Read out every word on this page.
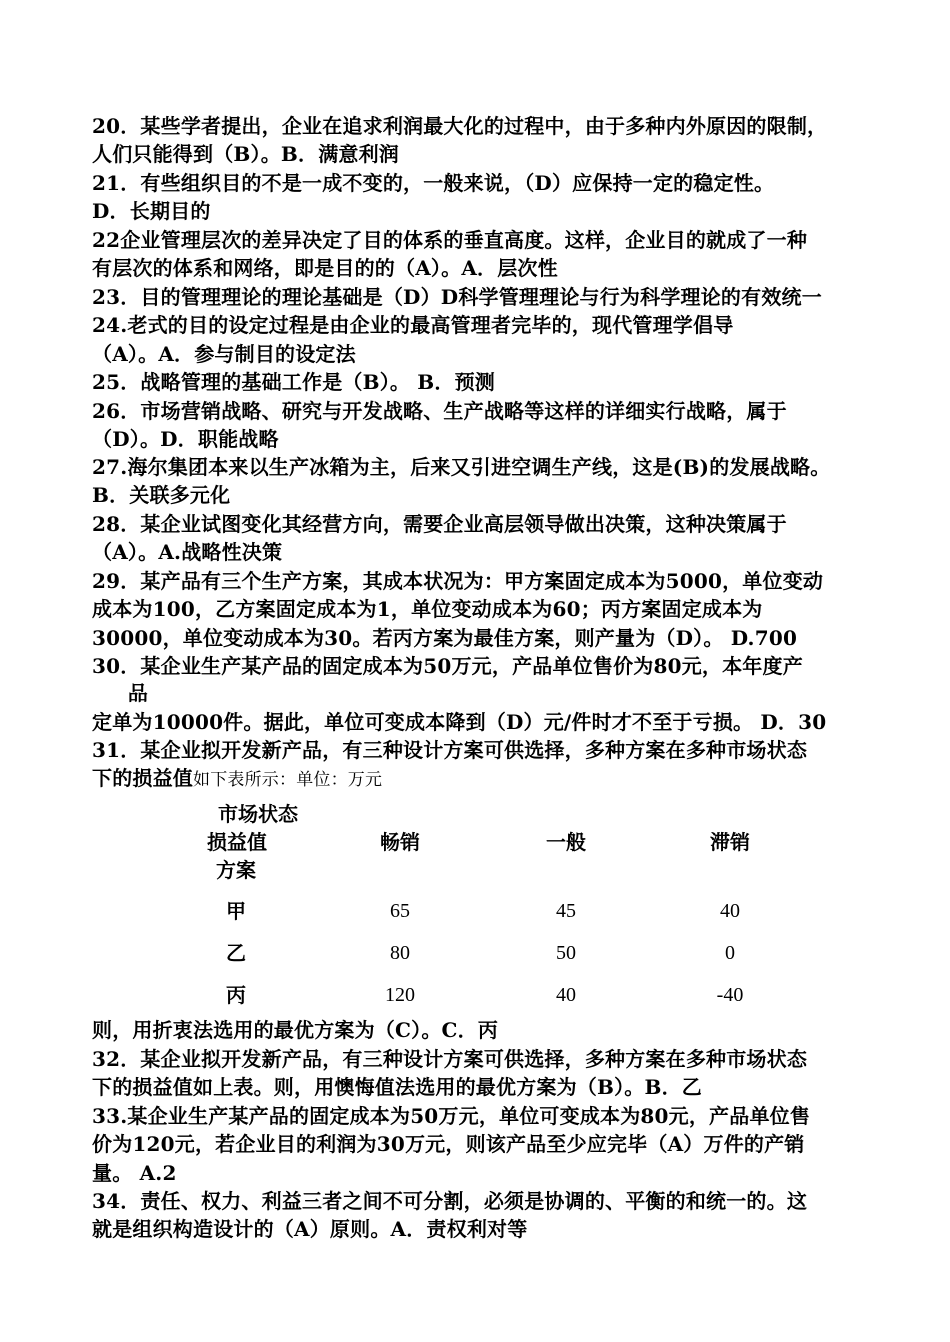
20．某些学者提出，企业在追求利润最大化的过程中，由于多种内外原因的限制，
人们只能得到（B）。B．满意利润
21．有些组织目的不是一成不变的，一般来说，（D）应保持一定的稳定性。
D．长期目的
22企业管理层次的差异决定了目的体系的垂直高度。这样，企业目的就成了一种
有层次的体系和网络，即是目的的（A）。A．层次性
23．目的管理理论的理论基础是（D）D科学管理理论与行为科学理论的有效统一
24.老式的目的设定过程是由企业的最高管理者完毕的，现代管理学倡导
（A）。A．参与制目的设定法
25．战略管理的基础工作是（B）。 B．预测
26．市场营销战略、研究与开发战略、生产战略等这样的详细实行战略，属于
（D）。D．职能战略
27.海尔集团本来以生产冰箱为主，后来又引进空调生产线，这是(B)的发展战略。
B．关联多元化
28．某企业试图变化其经营方向，需要企业高层领导做出决策，这种决策属于
（A）。A.战略性决策
29．某产品有三个生产方案，其成本状况为：甲方案固定成本为5000，单位变动
成本为100，乙方案固定成本为1，单位变动成本为60；丙方案固定成本为
30000，单位变动成本为30。若丙方案为最佳方案，则产量为（D）。 D.700
30．某企业生产某产品的固定成本为50万元，产品单位售价为80元，本年度产
品
定单为10000件。据此，单位可变成本降到（D）元/件时才不至于亏损。 D．30
31．某企业拟开发新产品，有三种设计方案可供选择，多种方案在多种市场状态
下的损益值如下表所示：单位：万元
市场状态
损益值
方案
畅销	一般	滞销
甲	65	45	40
乙	80	50	0
丙	120	40	-40
则，用折衷法选用的最优方案为（C）。C．丙
32．某企业拟开发新产品，有三种设计方案可供选择，多种方案在多种市场状态
下的损益值如上表。则，用懊悔值法选用的最优方案为（B）。B．乙
33.某企业生产某产品的固定成本为50万元，单位可变成本为80元，产品单位售
价为120元，若企业目的利润为30万元，则该产品至少应完毕（A）万件的产销
量。 A.2
34．责任、权力、利益三者之间不可分割，必须是协调的、平衡的和统一的。这
就是组织构造设计的（A）原则。A．责权利对等
